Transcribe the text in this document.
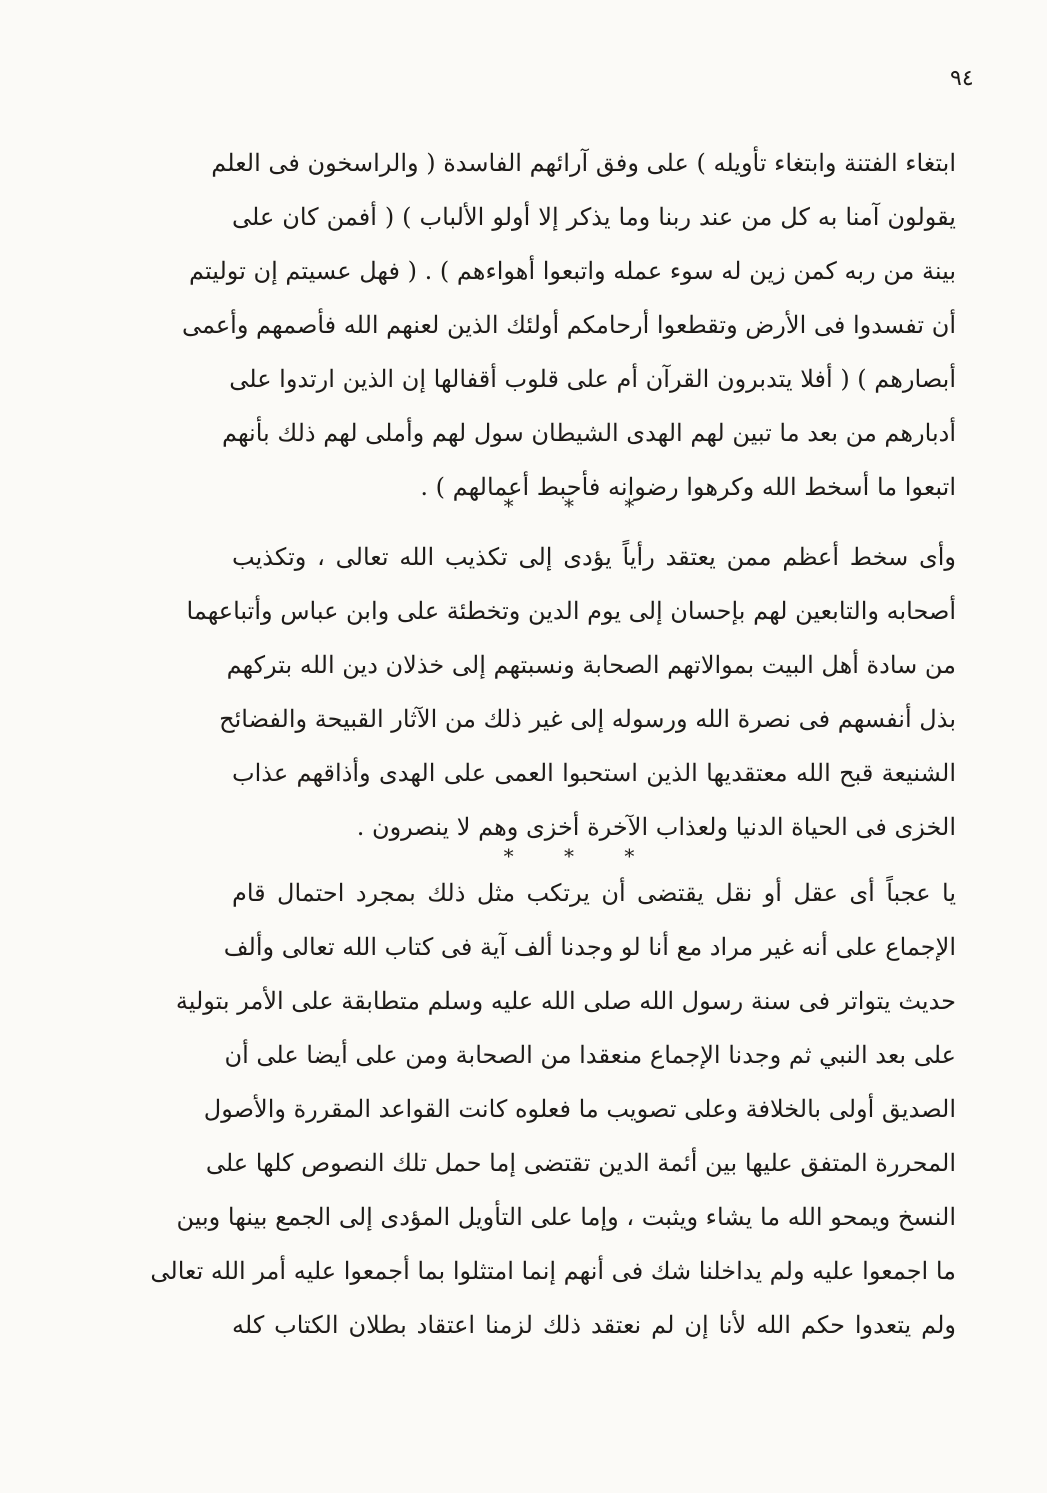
٩٤
ابتغاء الفتنة وابتغاء تأويله ) على وفق آرائهم الفاسدة ( والراسخون فى العلم
يقولون آمنا به كل من عند ربنا وما يذكر إلا أولو الألباب ) ( أفمن كان على
بينة من ربه كمن زين له سوء عمله واتبعوا أهواءهم ) . ( فهل عسيتم إن توليتم
أن تفسدوا فى الأرض وتقطعوا أرحامكم أولئك الذين لعنهم الله فأصمهم وأعمى
أبصارهم ) ( أفلا يتدبرون القرآن أم على قلوب أقفالها إن الذين ارتدوا على
أدبارهم من بعد ما تبين لهم الهدى الشيطان سول لهم وأملى لهم ذلك بأنهم
اتبعوا ما أسخط الله وكرهوا رضوانه فأحبط أعمالهم ) .
* * *
وأى سخط أعظم ممن يعتقد رأياً يؤدى إلى تكذيب الله تعالى ، وتكذيب
أصحابه والتابعين لهم بإحسان إلى يوم الدين وتخطئة على وابن عباس وأتباعهما
من سادة أهل البيت بموالاتهم الصحابة ونسبتهم إلى خذلان دين الله بتركهم
بذل أنفسهم فى نصرة الله ورسوله إلى غير ذلك من الآثار القبيحة والفضائح
الشنيعة قبح الله معتقديها الذين استحبوا العمى على الهدى وأذاقهم عذاب
الخزى فى الحياة الدنيا ولعذاب الآخرة أخزى وهم لا ينصرون .
* * *
يا عجباً أى عقل أو نقل يقتضى أن يرتكب مثل ذلك بمجرد احتمال قام
الإجماع على أنه غير مراد مع أنا لو وجدنا ألف آية فى كتاب الله تعالى وألف
حديث يتواتر فى سنة رسول الله صلى الله عليه وسلم متطابقة على الأمر بتولية
على بعد النبي ثم وجدنا الإجماع منعقدا من الصحابة ومن على أيضا على أن
الصديق أولى بالخلافة وعلى تصويب ما فعلوه كانت القواعد المقررة والأصول
المحررة المتفق عليها بين أئمة الدين تقتضى إما حمل تلك النصوص كلها على
النسخ ويمحو الله ما يشاء ويثبت ، وإما على التأويل المؤدى إلى الجمع بينها وبين
ما اجمعوا عليه ولم يداخلنا شك فى أنهم إنما امتثلوا بما أجمعوا عليه أمر الله تعالى
ولم يتعدوا حكم الله لأنا إن لم نعتقد ذلك لزمنا اعتقاد بطلان الكتاب كله
